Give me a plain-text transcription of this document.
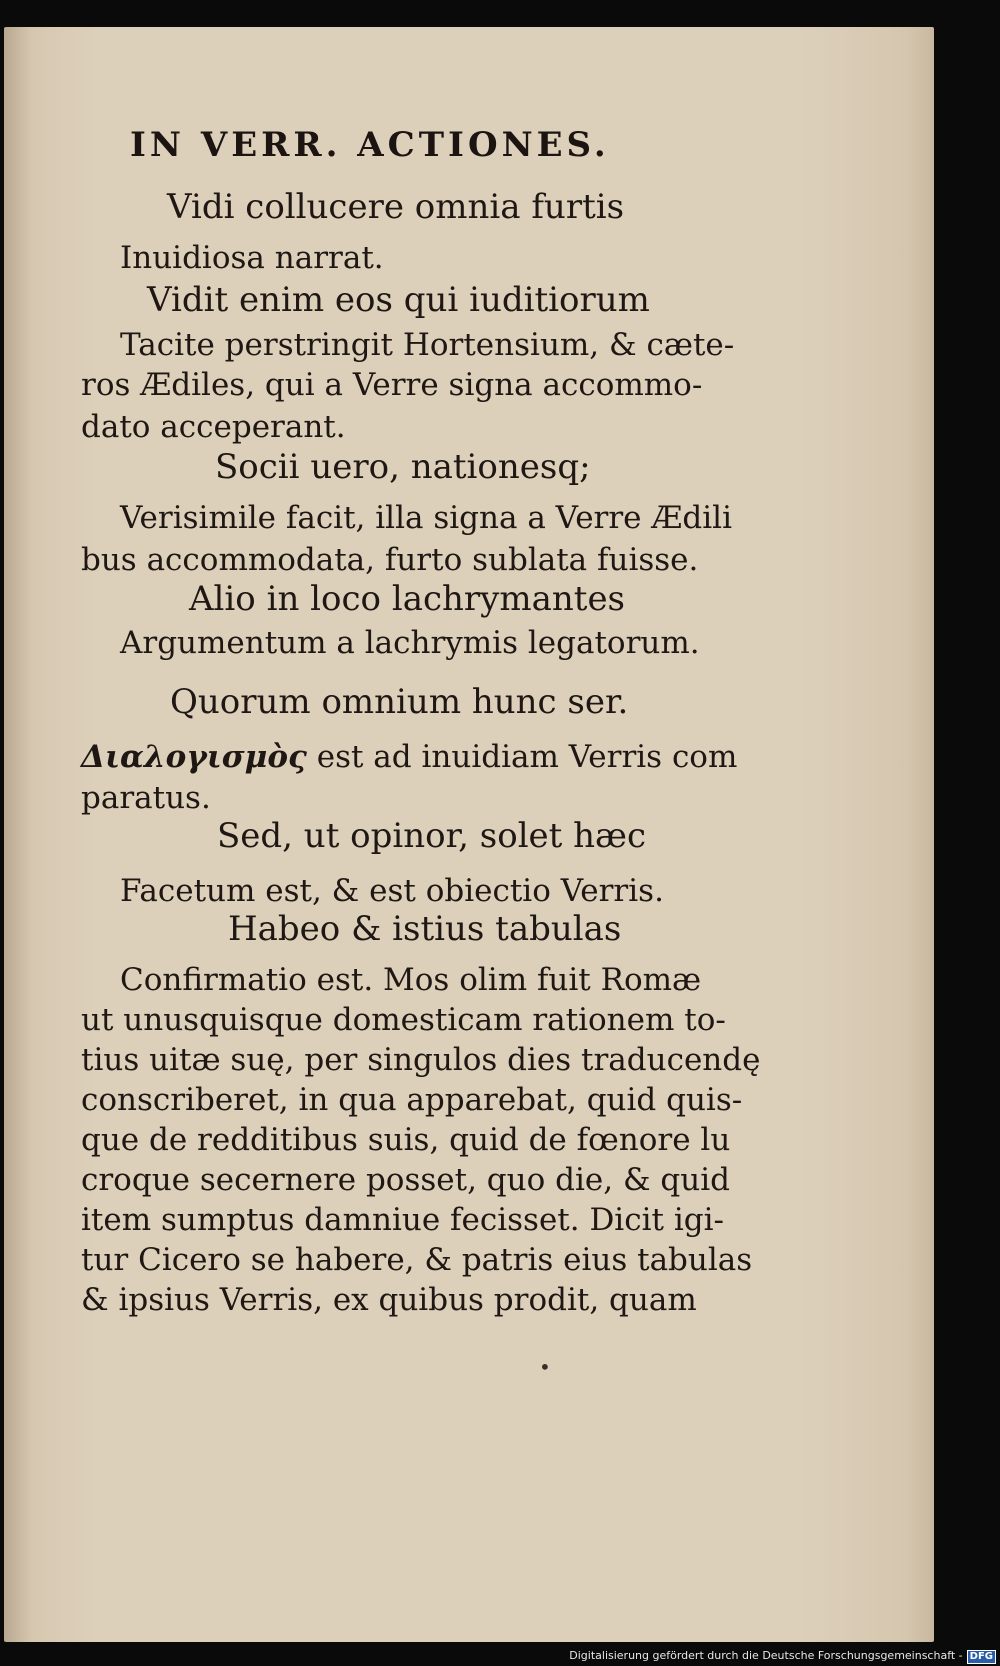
IN VERR. ACTIONES.
Vidi collucere omnia furtis
Inuidiosa narrat.
Vidit enim eos qui iuditiorum
Tacite perstringit Hortensium, & cæte-
ros Ædiles, qui a Verre signa accommo-
dato acceperant.
Socii uero, nationesq;
Verisimile facit, illa signa a Verre Ædili
bus accommodata, furto sublata fuisse.
Alio in loco lachrymantes
Argumentum a lachrymis legatorum.
Quorum omnium hunc ser.
Διαλογισμὸς est ad inuidiam Verris com
paratus.
Sed, ut opinor, solet hæc
Facetum est, & est obiectio Verris.
Habeo & istius tabulas
Confirmatio est. Mos olim fuit Romæ
ut unusquisque domesticam rationem to-
tius uitæ suę, per singulos dies traducendę
conscriberet, in qua apparebat, quid quis-
que de redditibus suis, quid de fœnore lu
croque secernere posset, quo die, & quid
item sumptus damniue fecisset. Dicit igi-
tur Cicero se habere, & patris eius tabulas
& ipsius Verris, ex quibus prodit, quam
•
Digitalisierung gefördert durch die Deutsche Forschungsgemeinschaft - DFG
